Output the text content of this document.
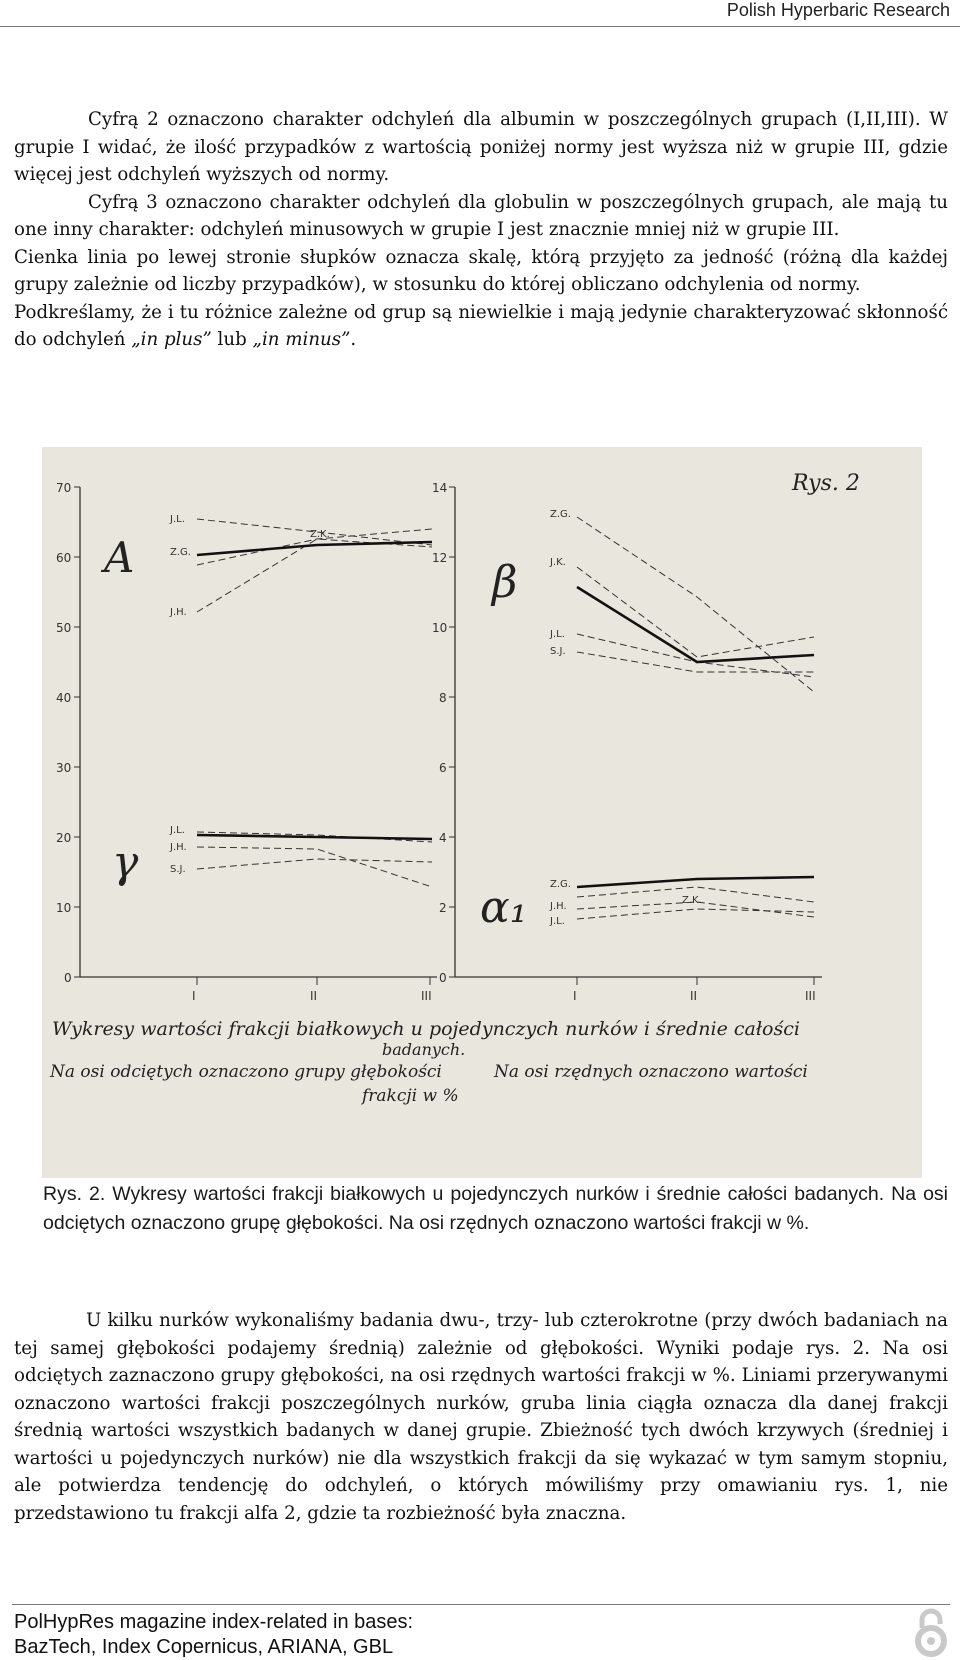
Polish Hyperbaric Research

Cyfrą 2 oznaczono charakter odchyleń dla albumin w poszczególnych grupach (I,II,III). W grupie I widać, że ilość przypadków z wartością poniżej normy jest wyższa niż w grupie III, gdzie więcej jest odchyleń wyższych od normy.

Cyfrą 3 oznaczono charakter odchyleń dla globulin w poszczególnych grupach, ale mają tu one inny charakter: odchyleń minusowych w grupie I jest znacznie mniej niż w grupie III.

Cienka linia po lewej stronie słupków oznacza skalę, którą przyjęto za jedność (różną dla każdej grupy zależnie od liczby przypadków), w stosunku do której obliczano odchylenia od normy.

Podkreślamy, że i tu różnice zależne od grup są niewielkie i mają jedynie charakteryzować skłonność do odchyleń „in plus” lub „in minus”.

Rys. 2
70
60
50
40
30
20
10
0
14
12
10
8
6
4
2
0
I	II	III	I	II	III
A
J.L.
Z.G.
J.H.
Z.K.
β
Z.G.
J.K.
J.L.
S.J.
γ
J.L.
J.H.
S.J.
α₁ Z.G.
Z.K.
J.H.
J.L.
Wykresy wartości frakcji białkowych u pojedynczych nurków i średnie całości
badanych.
Na osi odciętych oznaczono grupy głębokości	Na osi rzędnych oznaczono wartości
frakcji w %
Rys. 2. Wykresy wartości frakcji białkowych u pojedynczych nurków i średnie całości badanych. Na osi odciętych oznaczono grupę głębokości. Na osi rzędnych oznaczono wartości frakcji w %.

U kilku nurków wykonaliśmy badania dwu-, trzy- lub czterokrotne (przy dwóch badaniach na tej samej głębokości podajemy średnią) zależnie od głębokości. Wyniki podaje rys. 2. Na osi odciętych zaznaczono grupy głębokości, na osi rzędnych wartości frakcji w %. Liniami przerywanymi oznaczono wartości frakcji poszczególnych nurków, gruba linia ciągła oznacza dla danej frakcji średnią wartości wszystkich badanych w danej grupie. Zbieżność tych dwóch krzywych (średniej i wartości u pojedynczych nurków) nie dla wszystkich frakcji da się wykazać w tym samym stopniu, ale potwierdza tendencję do odchyleń, o których mówiliśmy przy omawianiu rys. 1, nie przedstawiono tu frakcji alfa 2, gdzie ta rozbieżność była znaczna.

PolHypRes magazine index-related in bases:
BazTech, Index Copernicus, ARIANA, GBL
